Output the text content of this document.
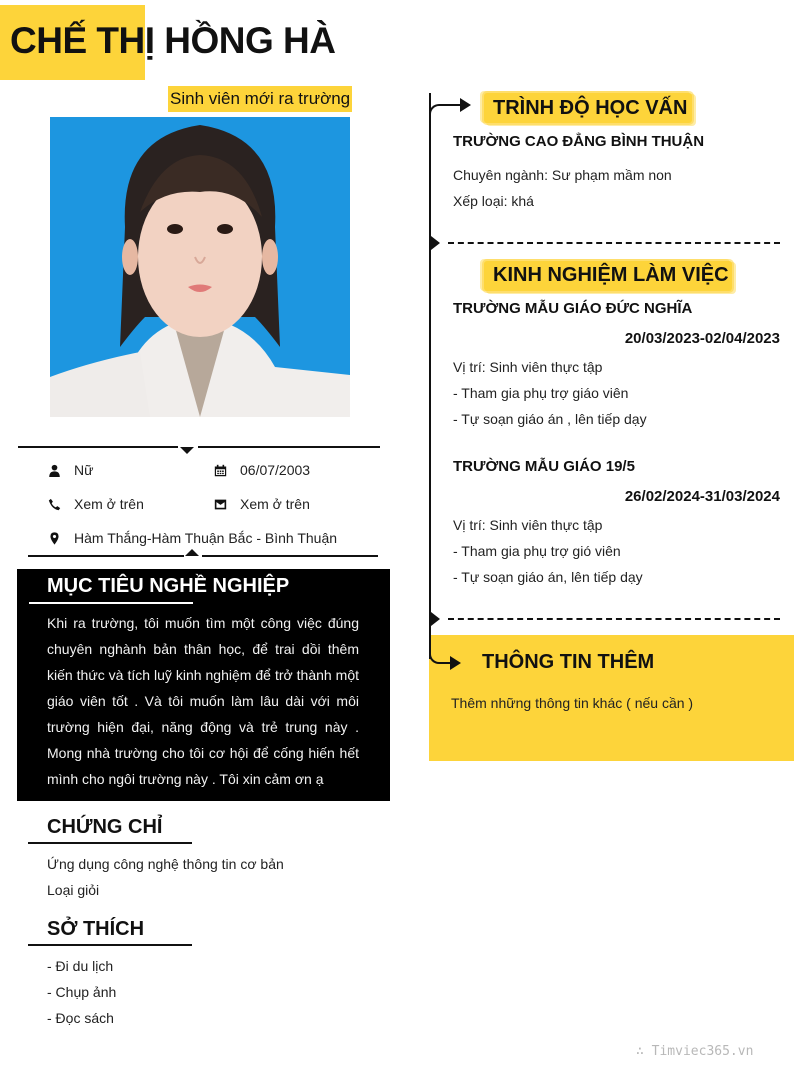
CHẾ THỊ HỒNG HÀ
Sinh viên mới ra trường
Nữ	06/07/2003
Xem ở trên	Xem ở trên
Hàm Thắng-Hàm Thuận Bắc - Bình Thuận
MỤC TIÊU NGHỀ NGHIỆP

Khi ra trường, tôi muốn tìm một công việc đúng chuyên nghành bản thân học, để trai dồi thêm kiến thức và tích luỹ kinh nghiệm để trở thành một giáo viên tốt . Và tôi muốn làm lâu dài với môi trường hiện đại, năng động và trẻ trung này . Mong nhà trường cho tôi cơ hội để cống hiến hết mình cho ngôi trường này . Tôi xin cảm ơn ạ

CHỨNG CHỈ
Ứng dụng công nghệ thông tin cơ bản
Loại giỏi
SỞ THÍCH
- Đi du lịch
- Chụp ảnh
- Đọc sách
TRÌNH ĐỘ HỌC VẤN
TRƯỜNG CAO ĐẲNG BÌNH THUẬN
Chuyên ngành: Sư phạm mầm non
Xếp loại: khá
KINH NGHIỆM LÀM VIỆC
TRƯỜNG MẪU GIÁO ĐỨC NGHĨA
20/03/2023-02/04/2023
Vị trí: Sinh viên thực tập
- Tham gia phụ trợ giáo viên
- Tự soạn giáo án , lên tiếp dạy
TRƯỜNG MẪU GIÁO 19/5
26/02/2024-31/03/2024
Vị trí: Sinh viên thực tập
- Tham gia phụ trợ gió viên
- Tự soạn giáo án, lên tiếp dạy
THÔNG TIN THÊM
Thêm những thông tin khác ( nếu cần )
∴ Timviec365.vn
